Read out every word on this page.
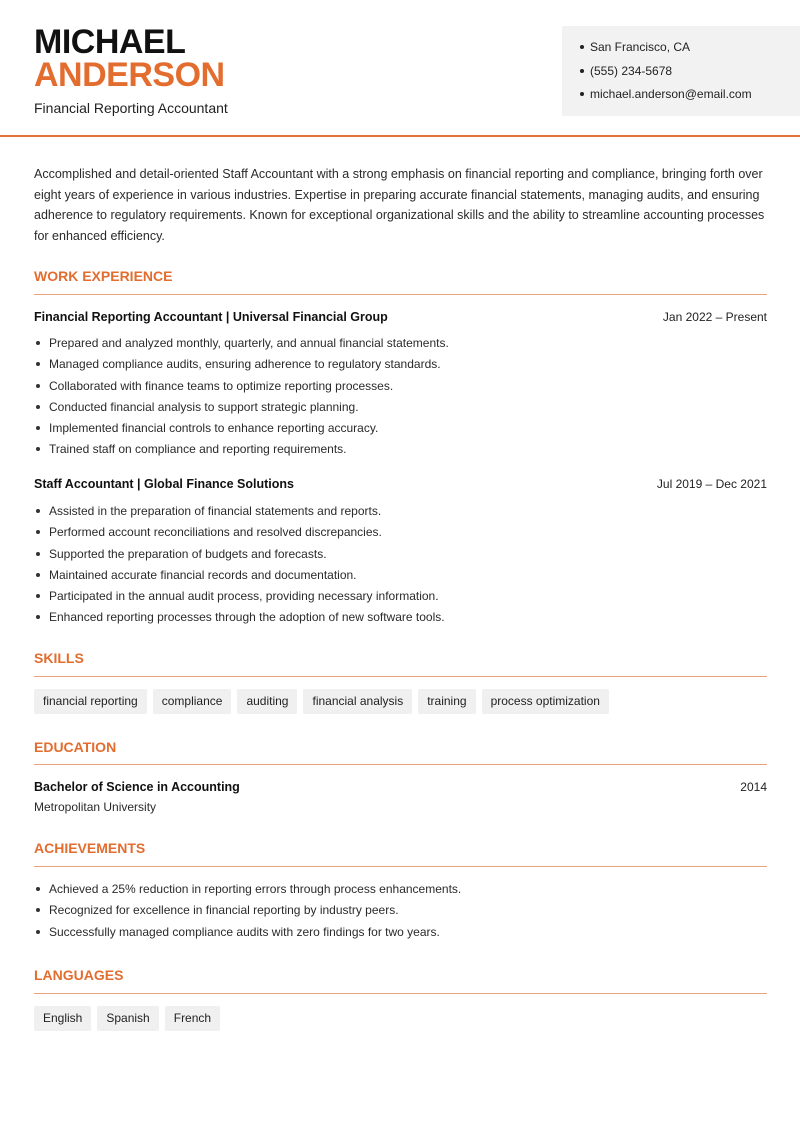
MICHAEL
ANDERSON
Financial Reporting Accountant
San Francisco, CA
(555) 234-5678
michael.anderson@email.com

Accomplished and detail-oriented Staff Accountant with a strong emphasis on financial reporting and compliance, bringing forth over eight years of experience in various industries. Expertise in preparing accurate financial statements, managing audits, and ensuring adherence to regulatory requirements. Known for exceptional organizational skills and the ability to streamline accounting processes for enhanced efficiency.

WORK EXPERIENCE
Financial Reporting Accountant | Universal Financial Group	Jan 2022 – Present
Prepared and analyzed monthly, quarterly, and annual financial statements.
Managed compliance audits, ensuring adherence to regulatory standards.
Collaborated with finance teams to optimize reporting processes.
Conducted financial analysis to support strategic planning.
Implemented financial controls to enhance reporting accuracy.
Trained staff on compliance and reporting requirements.
Staff Accountant | Global Finance Solutions	Jul 2019 – Dec 2021
Assisted in the preparation of financial statements and reports.
Performed account reconciliations and resolved discrepancies.
Supported the preparation of budgets and forecasts.
Maintained accurate financial records and documentation.
Participated in the annual audit process, providing necessary information.
Enhanced reporting processes through the adoption of new software tools.
SKILLS
financial reporting	compliance	auditing	financial analysis	training	process optimization
EDUCATION
Bachelor of Science in Accounting	2014
Metropolitan University
ACHIEVEMENTS
Achieved a 25% reduction in reporting errors through process enhancements.
Recognized for excellence in financial reporting by industry peers.
Successfully managed compliance audits with zero findings for two years.
LANGUAGES
English	Spanish	French
